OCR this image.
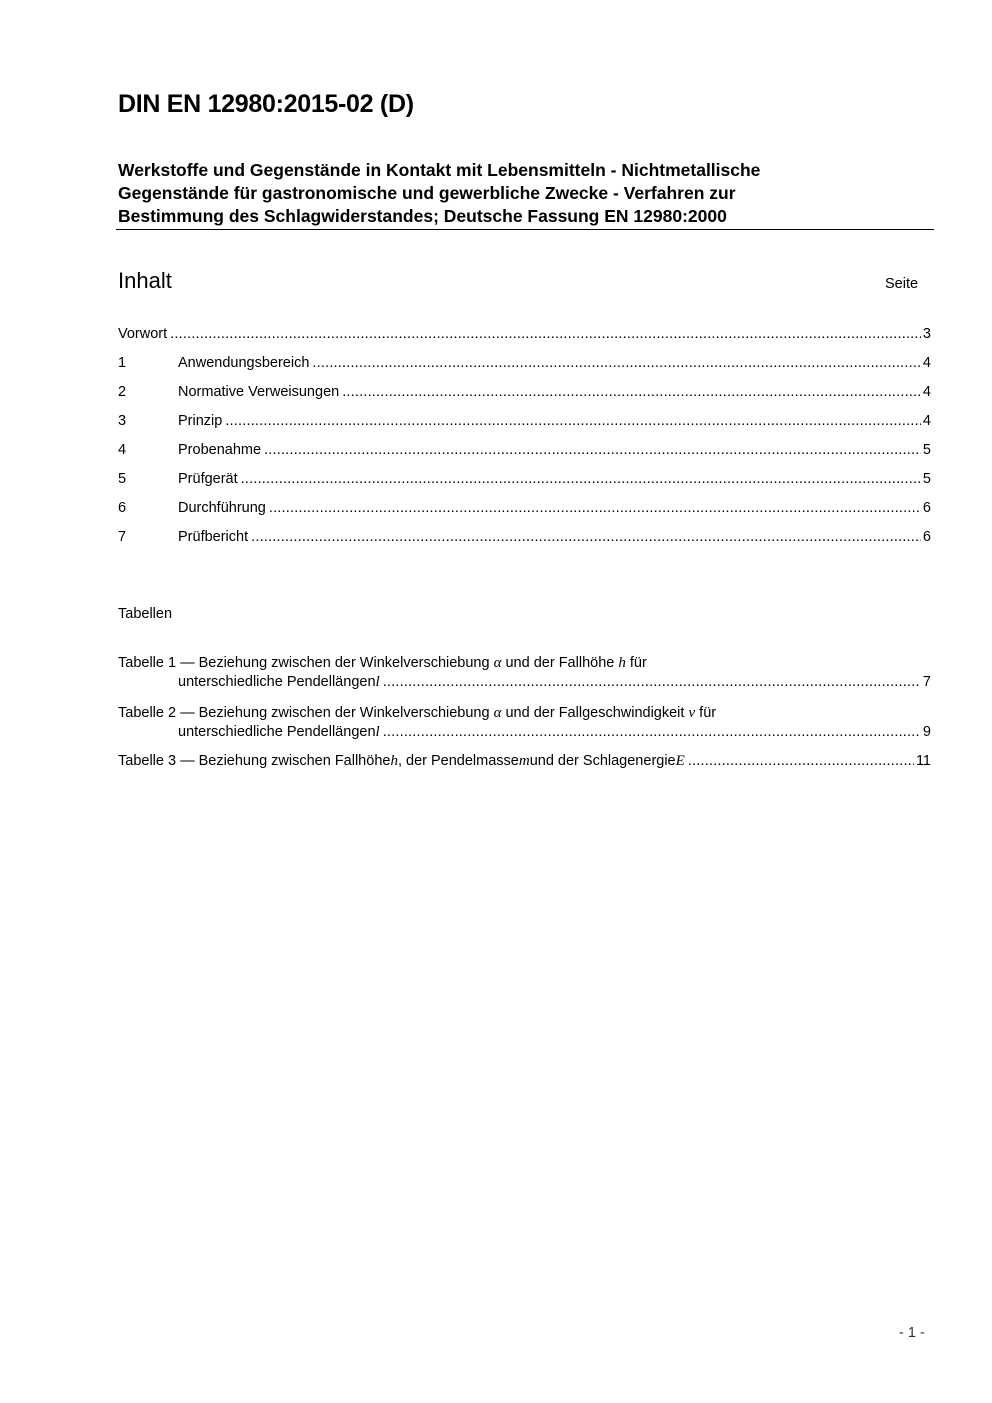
DIN EN 12980:2015-02 (D)
Werkstoffe und Gegenstände in Kontakt mit Lebensmitteln - Nichtmetallische
Gegenstände für gastronomische und gewerbliche Zwecke - Verfahren zur
Bestimmung des Schlagwiderstandes; Deutsche Fassung EN 12980:2000
Inhalt	Seite
Vorwort .....	3
1	Anwendungsbereich .....	4
2	Normative Verweisungen .....	4
3	Prinzip .....	4
4	Probenahme .....	5
5	Prüfgerät .....	5
6	Durchführung .....	6
7	Prüfbericht .....	6
Tabellen
Tabelle 1 — Beziehung zwischen der Winkelverschiebung α und der Fallhöhe h für
unterschiedliche Pendellängen l .....	7
Tabelle 2 — Beziehung zwischen der Winkelverschiebung α und der Fallgeschwindigkeit v für
unterschiedliche Pendellängen l .....	9
Tabelle 3 — Beziehung zwischen Fallhöhe h , der Pendelmasse m und der Schlagenergie E .....	11
- 1 -
